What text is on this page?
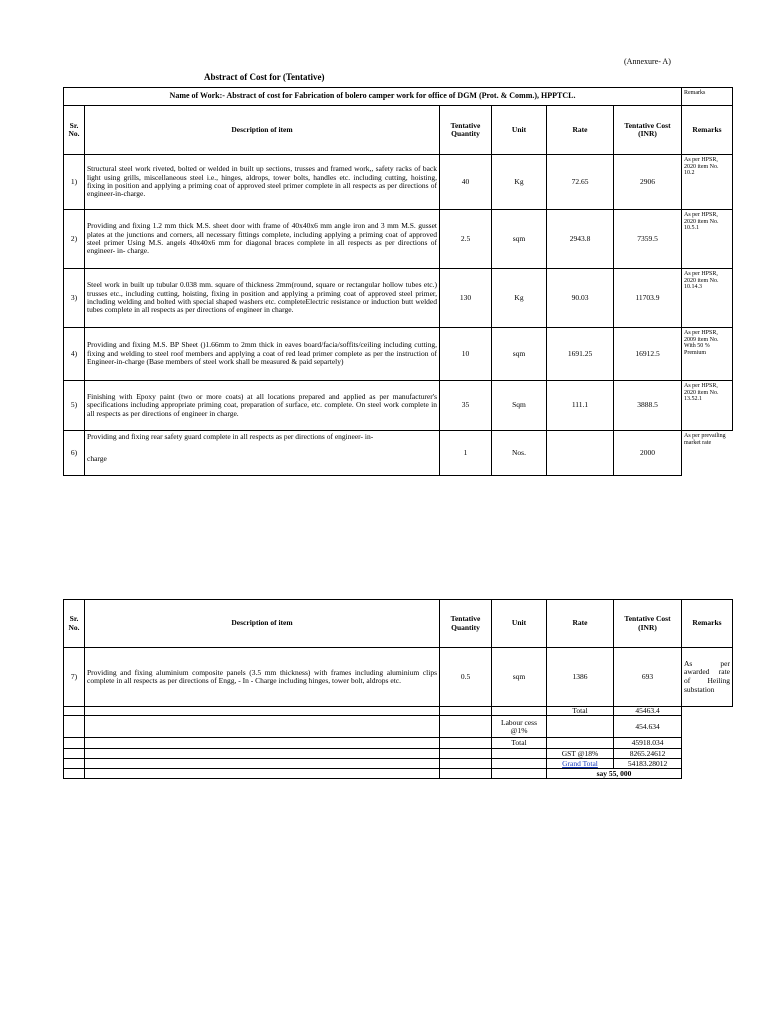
(Annexure- A)
Abstract of Cost for (Tentative)
Name of Work:- Abstract of cost for Fabrication of bolero camper work for office of DGM (Prot. & Comm.), HPPTCL.						Remarks
Sr. No.	Description of item	Tentative Quantity	Unit	Rate	Tentative Cost (INR)	Remarks
1)	Structural steel work riveted, bolted or welded in built up sections, trusses and framed work,, safety racks of back light using grills, miscellaneous steel i.e., hinges, aldrops, tower bolts, handles etc. including cutting, hoisting, fixing in position and applying a priming coat of approved steel primer complete in all respects as per directions of engineer-in-charge.	40	Kg	72.65	2906	As per HPSR, 2020 item No. 10.2
2)	Providing and fixing 1.2 mm thick M.S. sheet door with frame of 40x40x6 mm angle iron and 3 mm M.S. gusset plates at the junctions and corners, all necessary fittings complete, including applying a priming coat of approved steel primer Using M.S. angels 40x40x6 mm for diagonal braces complete in all respects as per directions of engineer- in- charge.	2.5	sqm	2943.8	7359.5	As per HPSR, 2020 item No. 10.5.1
3)	Steel work in built up tubular 0.038 mm. square of thickness 2mm(round, square or rectangular hollow tubes etc.) trusses etc., including cutting, hoisting, fixing in position and applying a priming coat of approved steel primer, including welding and bolted with special shaped washers etc. completeElectric resistance or induction butt welded tubes complete in all respects as per directions of engineer in charge.	130	Kg	90.03	11703.9	As per HPSR, 2020 item No. 10.14.3
4)	Providing and fixing M.S. BP Sheet ()1.66mm to 2mm thick in eaves board/facia/soffits/ceiling including cutting, fixing and welding to steel roof members and applying a coat of red lead primer complete as per the instruction of Engineer-in-charge (Base members of steel work shall be measured & paid separtely)	10	sqm	1691.25	16912.5	As per HPSR, 2009 item No. With 50 % Premium
5)	Finishing with Epoxy paint (two or more coats) at all locations prepared and applied as per manufacturer's specifications including appropriate priming coat, preparation of surface, etc. complete. On steel work complete in all respects as per directions of engineer in charge.	35	Sqm	111.1	3888.5	As per HPSR, 2020 item No. 13.52.1
6)	Providing and fixing rear safety guard complete in all respects as per directions of engineer- in-
charge	1	Nos.		2000	As per prevailing market rate
Sr. No.	Description of item	Tentative Quantity	Unit	Rate	Tentative Cost (INR)	Remarks
7)	Providing and fixing aluminium composite panels (3.5 mm thickness) with frames including aluminium clips complete in all respects as per directions of Engg, - In - Charge including hinges, tower bolt, aldrops etc.	0.5	sqm	1386	693	As per awarded rate of Heiling substation
				Total	45463.4	
			Labour cess @1%		454.634	
			Total		45918.034	
				GST @18%	8265.24612	
				Grand Total	54183.28012	
				say 55, 000		
